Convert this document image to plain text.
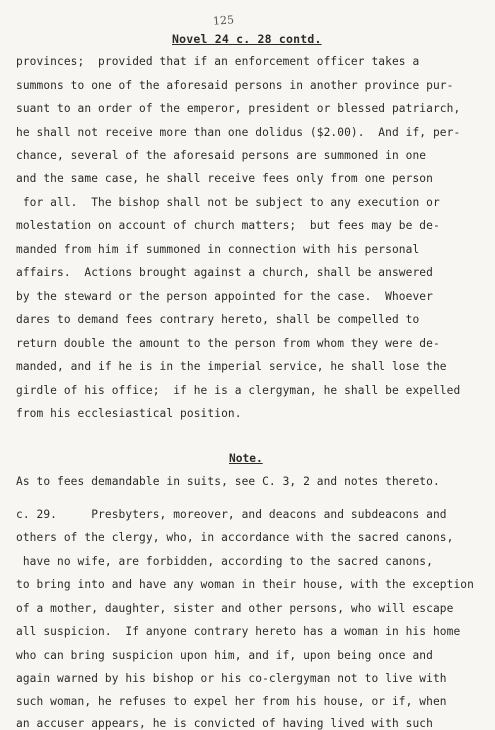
125
Novel 24 c. 28 contd.
provinces;  provided that if an enforcement officer takes a
summons to one of the aforesaid persons in another province pur-
suant to an order of the emperor, president or blessed patriarch,
he shall not receive more than one dolidus ($2.00).  And if, per-
chance, several of the aforesaid persons are summoned in one
and the same case, he shall receive fees only from one person
for all.  The bishop shall not be subject to any execution or
molestation on account of church matters;  but fees may be de-
manded from him if summoned in connection with his personal
affairs.  Actions brought against a church, shall be answered
by the steward or the person appointed for the case.  Whoever
dares to demand fees contrary hereto, shall be compelled to
return double the amount to the person from whom they were de-
manded, and if he is in the imperial service, he shall lose the
girdle of his office;  if he is a clergyman, he shall be expelled
from his ecclesiastical position.
Note.
As to fees demandable in suits, see C. 3, 2 and notes thereto.
c. 29.     Presbyters, moreover, and deacons and subdeacons and
others of the clergy, who, in accordance with the sacred canons,
have no wife, are forbidden, according to the sacred canons,
to bring into and have any woman in their house, with the exception
of a mother, daughter, sister and other persons, who will escape
all suspicion.  If anyone contrary hereto has a woman in his home
who can bring suspicion upon him, and if, upon being once and
again warned by his bishop or his co-clergyman not to live with
such woman, he refuses to expel her from his house, or if, when
an accuser appears, he is convicted of having lived with such
